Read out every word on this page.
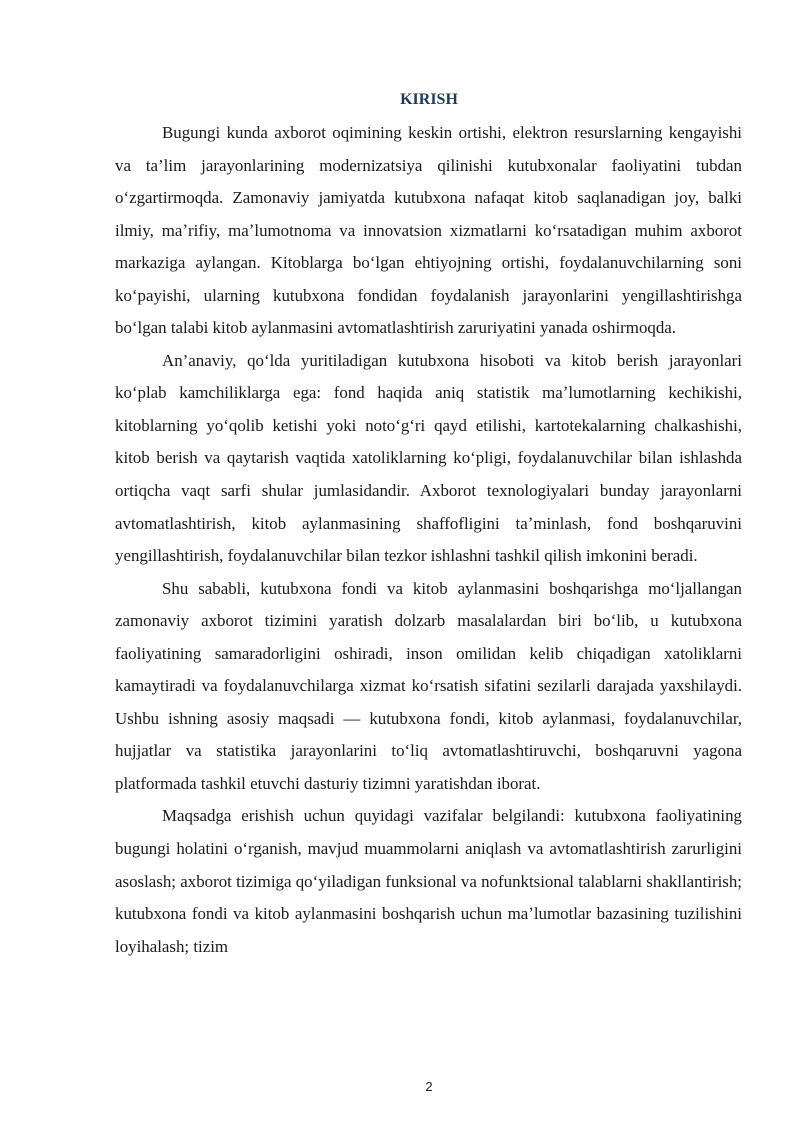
KIRISH

Bugungi kunda axborot oqimining keskin ortishi, elektron resurslarning kengayishi va ta’lim jarayonlarining modernizatsiya qilinishi kutubxonalar faoliyatini tubdan oʻzgartirmoqda. Zamonaviy jamiyatda kutubxona nafaqat kitob saqlanadigan joy, balki ilmiy, maʼrifiy, maʼlumotnoma va innovatsion xizmatlarni koʻrsatadigan muhim axborot markaziga aylangan. Kitoblarga boʻlgan ehtiyojning ortishi, foydalanuvchilarning soni koʻpayishi, ularning kutubxona fondidan foydalanish jarayonlarini yengillashtirishga boʻlgan talabi kitob aylanmasini avtomatlashtirish zaruriyatini yanada oshirmoqda.

An’anaviy, qoʻlda yuritiladigan kutubxona hisoboti va kitob berish jarayonlari koʻplab kamchiliklarga ega: fond haqida aniq statistik maʼlumotlarning kechikishi, kitoblarning yoʻqolib ketishi yoki notoʻgʻri qayd etilishi, kartotekalarning chalkashishi, kitob berish va qaytarish vaqtida xatoliklarning koʻpligi, foydalanuvchilar bilan ishlashda ortiqcha vaqt sarfi shular jumlasidandir. Axborot texnologiyalari bunday jarayonlarni avtomatlashtirish, kitob aylanmasining shaffofligini taʼminlash, fond boshqaruvini yengillashtirish, foydalanuvchilar bilan tezkor ishlashni tashkil qilish imkonini beradi.

Shu sababli, kutubxona fondi va kitob aylanmasini boshqarishga moʻljallangan zamonaviy axborot tizimini yaratish dolzarb masalalardan biri boʻlib, u kutubxona faoliyatining samaradorligini oshiradi, inson omilidan kelib chiqadigan xatoliklarni kamaytiradi va foydalanuvchilarga xizmat koʻrsatish sifatini sezilarli darajada yaxshilaydi. Ushbu ishning asosiy maqsadi — kutubxona fondi, kitob aylanmasi, foydalanuvchilar, hujjatlar va statistika jarayonlarini toʻliq avtomatlashtiruvchi, boshqaruvni yagona platformada tashkil etuvchi dasturiy tizimni yaratishdan iborat.

Maqsadga erishish uchun quyidagi vazifalar belgilandi: kutubxona faoliyatining bugungi holatini oʻrganish, mavjud muammolarni aniqlash va avtomatlashtirish zarurligini asoslash; axborot tizimiga qoʻyiladigan funksional va nofunktsional talablarni shakllantirish; kutubxona fondi va kitob aylanmasini boshqarish uchun maʼlumotlar bazasining tuzilishini loyihalash; tizim

2
